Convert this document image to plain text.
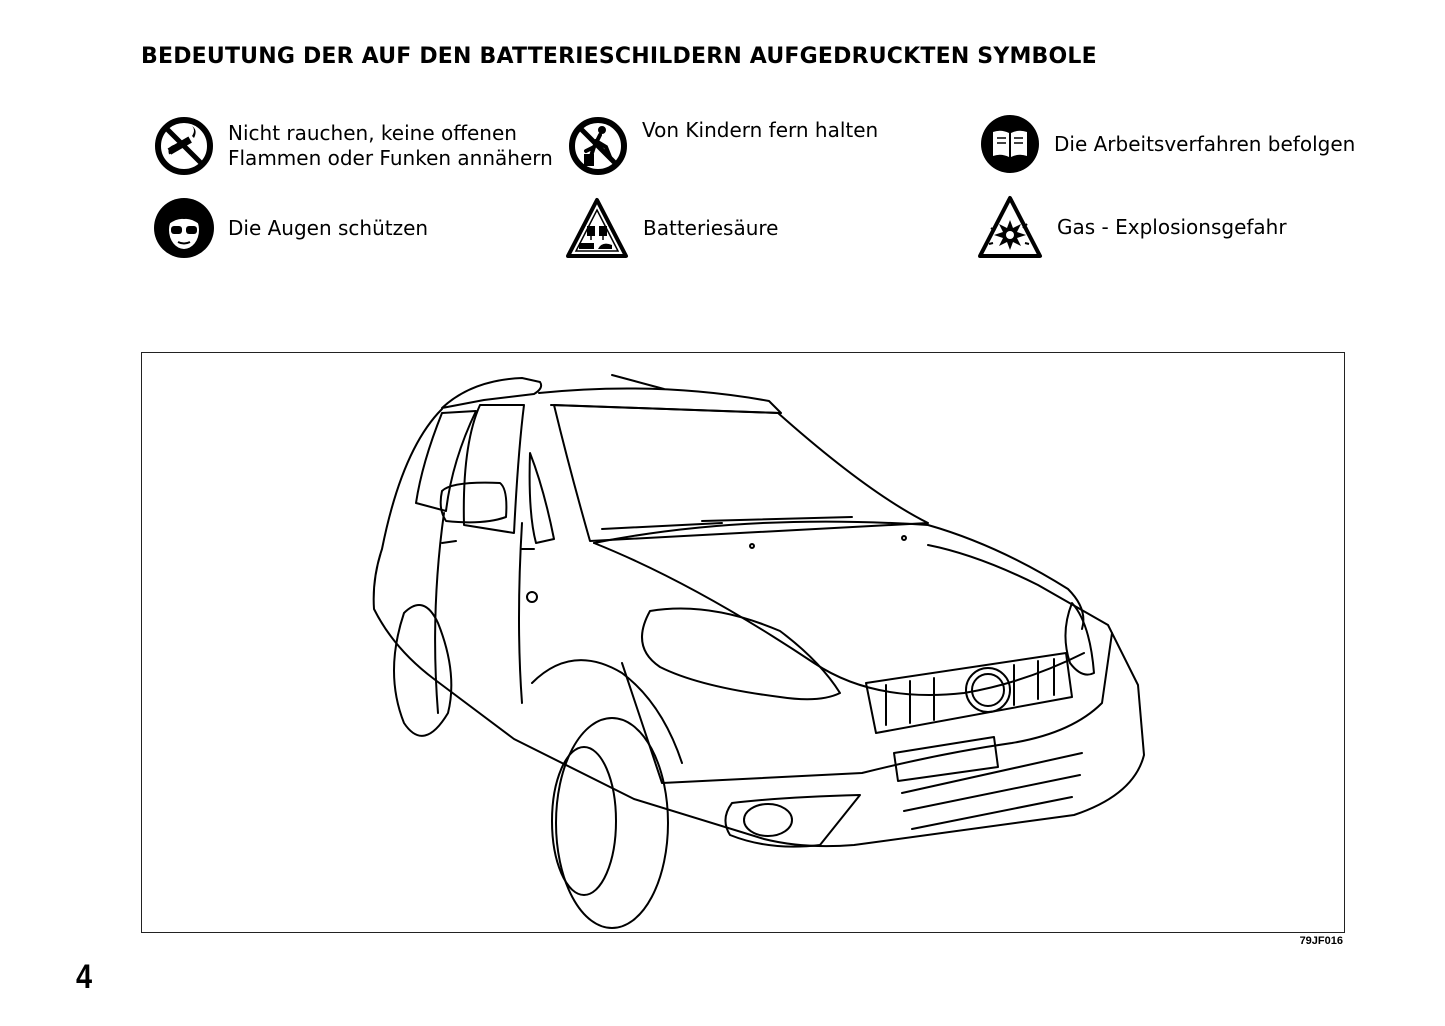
BEDEUTUNG DER AUF DEN BATTERIESCHILDERN AUFGEDRUCKTEN SYMBOLE
Nicht rauchen, keine offenen
Flammen oder Funken annähern
Von Kindern fern halten
Die Arbeitsverfahren befolgen
Die Augen schützen	Batteriesäure	Gas - Explosionsgefahr
79JF016
4
